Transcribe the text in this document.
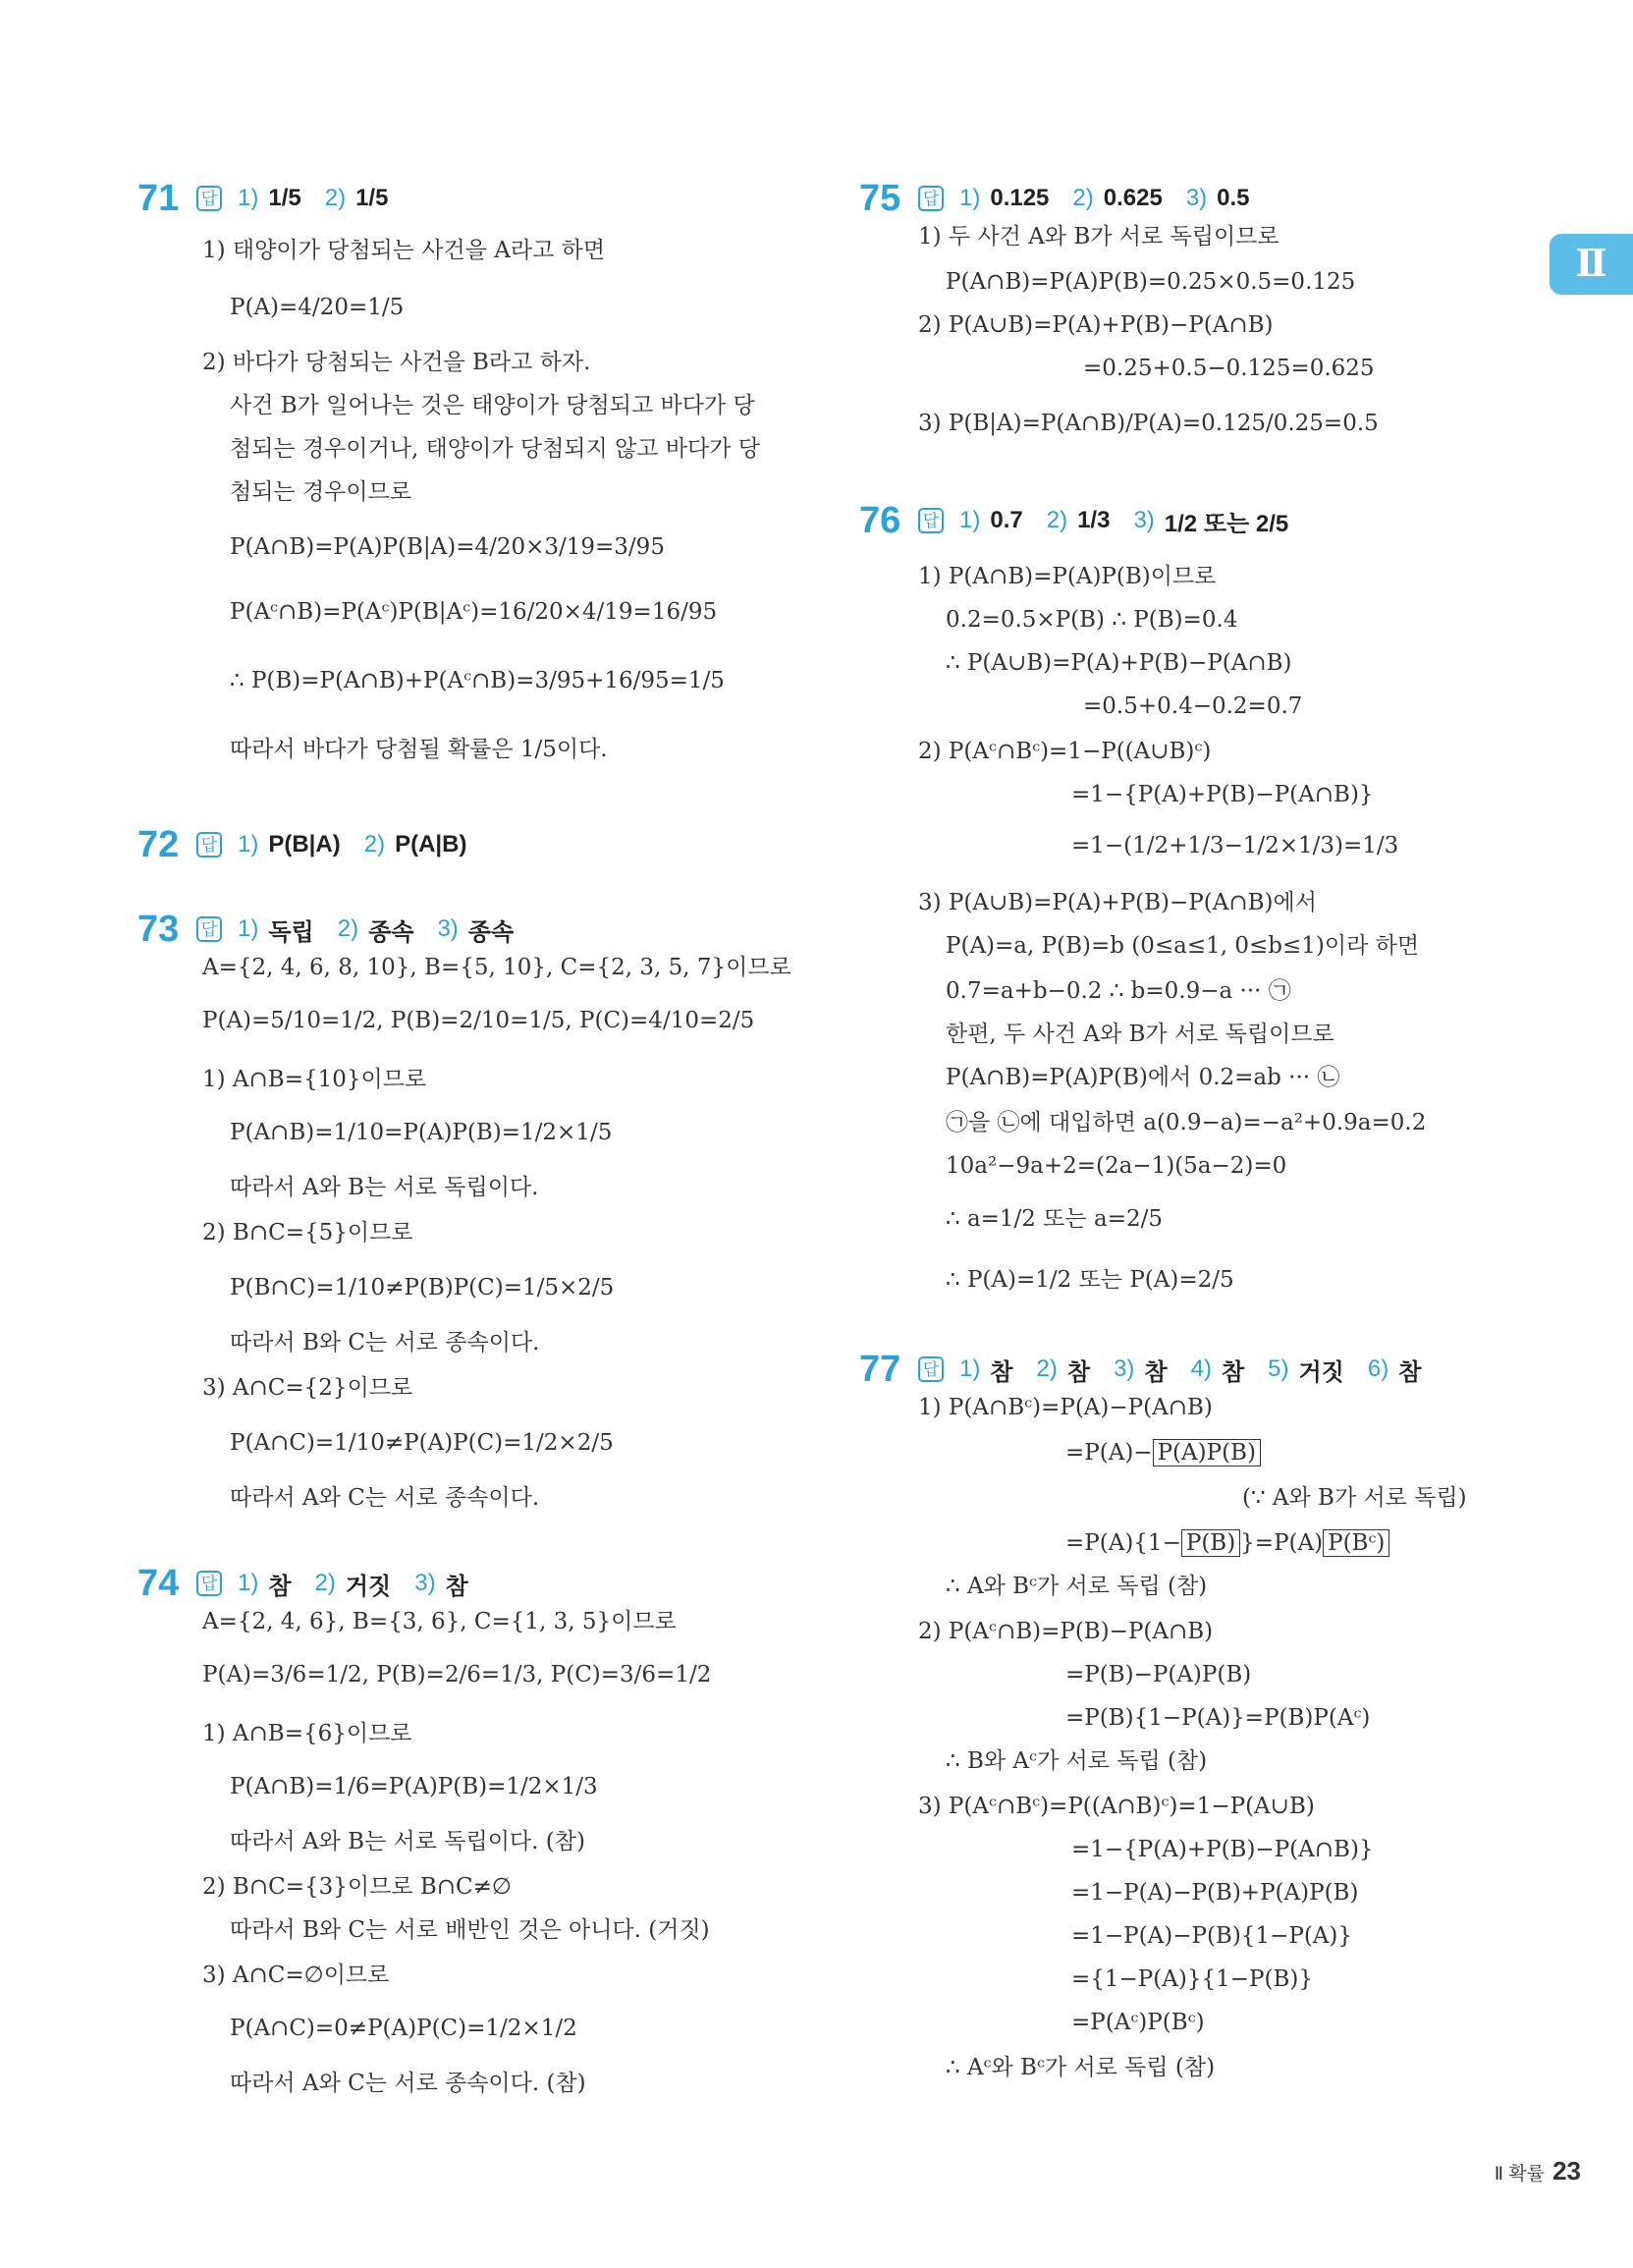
Ⅱ
71 답 1) 1/5 2) 1/5
1) 태양이가 당첨되는 사건을 A라고 하면
P(A)=4/20=1/5
2) 바다가 당첨되는 사건을 B라고 하자.
사건 B가 일어나는 것은 태양이가 당첨되고 바다가 당
첨되는 경우이거나, 태양이가 당첨되지 않고 바다가 당
첨되는 경우이므로
P(A∩B)=P(A)P(B|A)=4/20×3/19=3/95
P(Aᶜ∩B)=P(Aᶜ)P(B|Aᶜ)=16/20×4/19=16/95
∴ P(B)=P(A∩B)+P(Aᶜ∩B)=3/95+16/95=1/5
따라서 바다가 당첨될 확률은 1/5이다.
72 답 1) P(B|A) 2) P(A|B)
73 답 1) 독립 2) 종속 3) 종속
A={2, 4, 6, 8, 10}, B={5, 10}, C={2, 3, 5, 7}이므로
P(A)=5/10=1/2, P(B)=2/10=1/5, P(C)=4/10=2/5
1) A∩B={10}이므로
P(A∩B)=1/10=P(A)P(B)=1/2×1/5
따라서 A와 B는 서로 독립이다.
2) B∩C={5}이므로
P(B∩C)=1/10≠P(B)P(C)=1/5×2/5
따라서 B와 C는 서로 종속이다.
3) A∩C={2}이므로
P(A∩C)=1/10≠P(A)P(C)=1/2×2/5
따라서 A와 C는 서로 종속이다.
74 답 1) 참 2) 거짓 3) 참
A={2, 4, 6}, B={3, 6}, C={1, 3, 5}이므로
P(A)=3/6=1/2, P(B)=2/6=1/3, P(C)=3/6=1/2
1) A∩B={6}이므로
P(A∩B)=1/6=P(A)P(B)=1/2×1/3
따라서 A와 B는 서로 독립이다. (참)
2) B∩C={3}이므로 B∩C≠∅
따라서 B와 C는 서로 배반인 것은 아니다. (거짓)
3) A∩C=∅이므로
P(A∩C)=0≠P(A)P(C)=1/2×1/2
따라서 A와 C는 서로 종속이다. (참)
75 답 1) 0.125 2) 0.625 3) 0.5
1) 두 사건 A와 B가 서로 독립이므로
P(A∩B)=P(A)P(B)=0.25×0.5=0.125
2) P(A∪B)=P(A)+P(B)−P(A∩B)
=0.25+0.5−0.125=0.625
3) P(B|A)=P(A∩B)/P(A)=0.125/0.25=0.5
76 답 1) 0.7 2) 1/3 3) 1/2 또는 2/5
1) P(A∩B)=P(A)P(B)이므로
0.2=0.5×P(B) ∴ P(B)=0.4
∴ P(A∪B)=P(A)+P(B)−P(A∩B)
=0.5+0.4−0.2=0.7
2) P(Aᶜ∩Bᶜ)=1−P((A∪B)ᶜ)
=1−{P(A)+P(B)−P(A∩B)}
=1−(1/2+1/3−1/2×1/3)=1/3
3) P(A∪B)=P(A)+P(B)−P(A∩B)에서
P(A)=a, P(B)=b (0≤a≤1, 0≤b≤1)이라 하면
0.7=a+b−0.2 ∴ b=0.9−a ··· ㉠
한편, 두 사건 A와 B가 서로 독립이므로
P(A∩B)=P(A)P(B)에서 0.2=ab ··· ㉡
㉠을 ㉡에 대입하면 a(0.9−a)=−a²+0.9a=0.2
10a²−9a+2=(2a−1)(5a−2)=0
∴ a=1/2 또는 a=2/5
∴ P(A)=1/2 또는 P(A)=2/5
77 답 1) 참 2) 참 3) 참 4) 참 5) 거짓 6) 참
1) P(A∩Bᶜ)=P(A)−P(A∩B)
=P(A)− P(A)P(B)
(∵ A와 B가 서로 독립)
=P(A){1− P(B) }=P(A) P(Bᶜ)
∴ A와 Bᶜ가 서로 독립 (참)
2) P(Aᶜ∩B)=P(B)−P(A∩B)
=P(B)−P(A)P(B)
=P(B){1−P(A)}=P(B)P(Aᶜ)
∴ B와 Aᶜ가 서로 독립 (참)
3) P(Aᶜ∩Bᶜ)=P((A∩B)ᶜ)=1−P(A∪B)
=1−{P(A)+P(B)−P(A∩B)}
=1−P(A)−P(B)+P(A)P(B)
=1−P(A)−P(B){1−P(A)}
={1−P(A)}{1−P(B)}
=P(Aᶜ)P(Bᶜ)
∴ Aᶜ와 Bᶜ가 서로 독립 (참)
Ⅱ 확률 23
